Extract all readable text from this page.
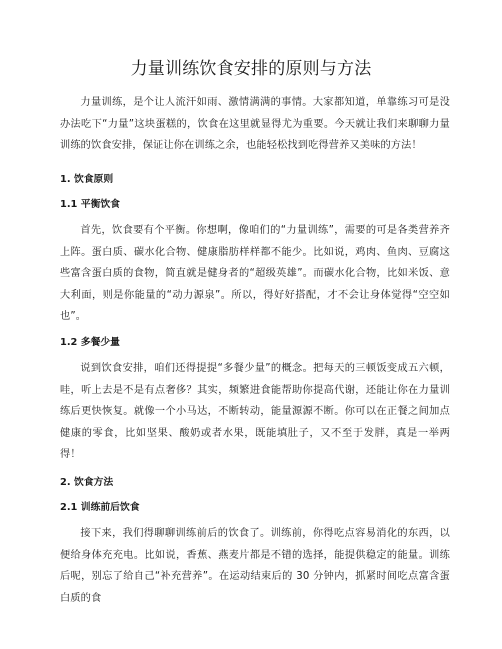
力量训练饮食安排的原则与方法

力量训练，是个让人流汗如雨、激情满满的事情。大家都知道，单靠练习可是没办法吃下“力量”这块蛋糕的，饮食在这里就显得尤为重要。今天就让我们来聊聊力量训练的饮食安排，保证让你在训练之余，也能轻松找到吃得营养又美味的方法！

1. 饮食原则
1.1 平衡饮食

首先，饮食要有个平衡。你想啊，像咱们的“力量训练”，需要的可是各类营养齐上阵。蛋白质、碳水化合物、健康脂肪样样都不能少。比如说，鸡肉、鱼肉、豆腐这些富含蛋白质的食物，简直就是健身者的“超级英雄”。而碳水化合物，比如米饭、意大利面，则是你能量的“动力源泉”。所以，得好好搭配，才不会让身体觉得“空空如也”。

1.2 多餐少量

说到饮食安排，咱们还得提提“多餐少量”的概念。把每天的三顿饭变成五六顿，哇，听上去是不是有点奢侈？其实，频繁进食能帮助你提高代谢，还能让你在力量训练后更快恢复。就像一个小马达，不断转动，能量源源不断。你可以在正餐之间加点健康的零食，比如坚果、酸奶或者水果，既能填肚子，又不至于发胖，真是一举两得！

2. 饮食方法
2.1 训练前后饮食

接下来，我们得聊聊训练前后的饮食了。训练前，你得吃点容易消化的东西，以便给身体充充电。比如说，香蕉、燕麦片都是不错的选择，能提供稳定的能量。训练后呢，别忘了给自己“补充营养”。在运动结束后的 30 分钟内，抓紧时间吃点富含蛋白质的食
